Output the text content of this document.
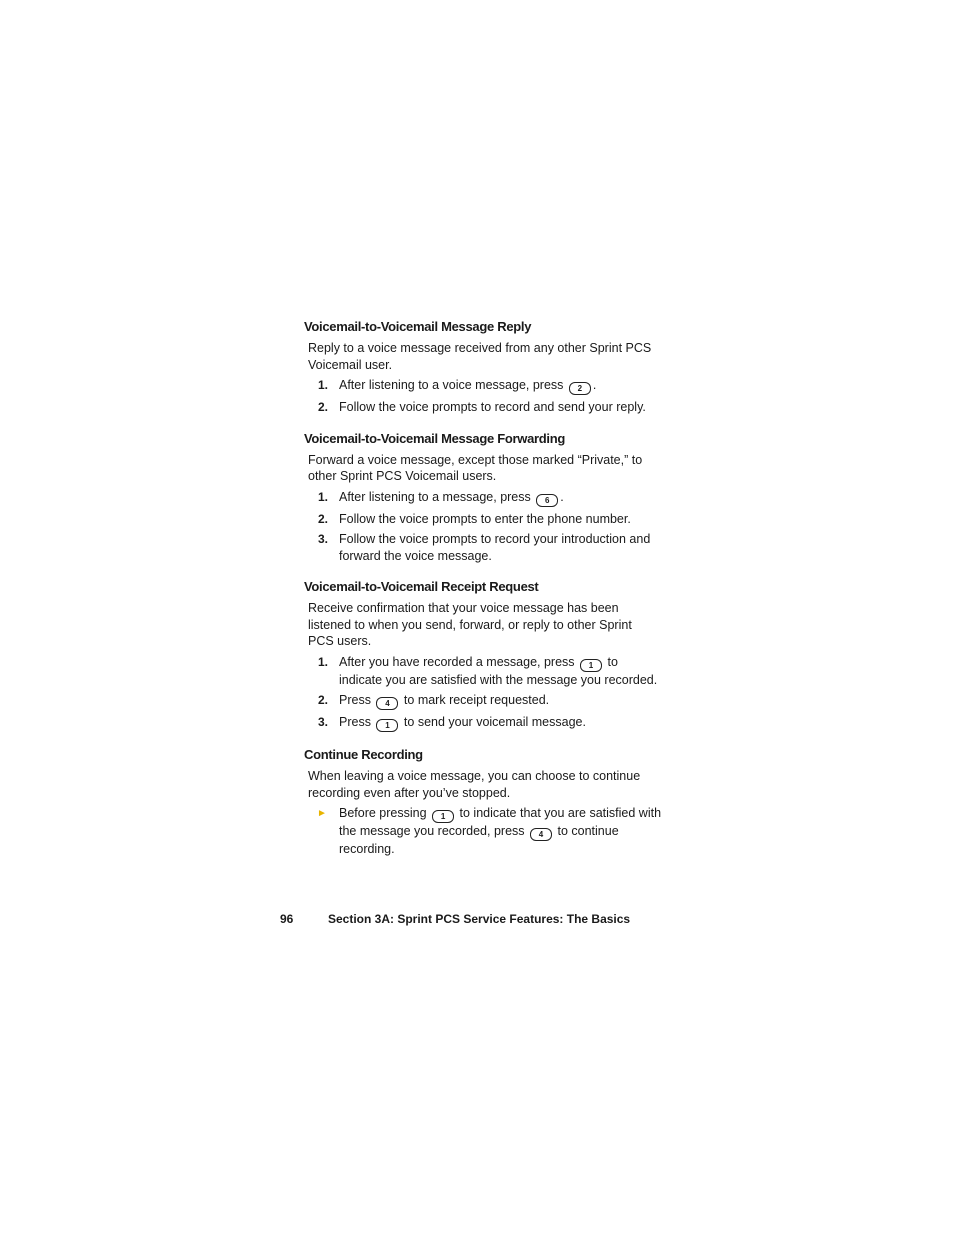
Voicemail-to-Voicemail Message Reply

Reply to a voice message received from any other Sprint PCS Voicemail user.

1. After listening to a voice message, press 2 .
2. Follow the voice prompts to record and send your reply.
Voicemail-to-Voicemail Message Forwarding

Forward a voice message, except those marked “Private,” to other Sprint PCS Voicemail users.

1. After listening to a message, press 6 .
2. Follow the voice prompts to enter the phone number.
3. Follow the voice prompts to record your introduction and forward the voice message.
Voicemail-to-Voicemail Receipt Request

Receive confirmation that your voice message has been listened to when you send, forward, or reply to other Sprint PCS users.

1. After you have recorded a message, press 1 to indicate you are satisfied with the message you recorded.
2. Press 4 to mark receipt requested.
3. Press 1 to send your voicemail message.
Continue Recording

When leaving a voice message, you can choose to continue recording even after you’ve stopped.

► Before pressing 1 to indicate that you are satisfied with the message you recorded, press 4 to continue recording.
96	Section 3A: Sprint PCS Service Features: The Basics
